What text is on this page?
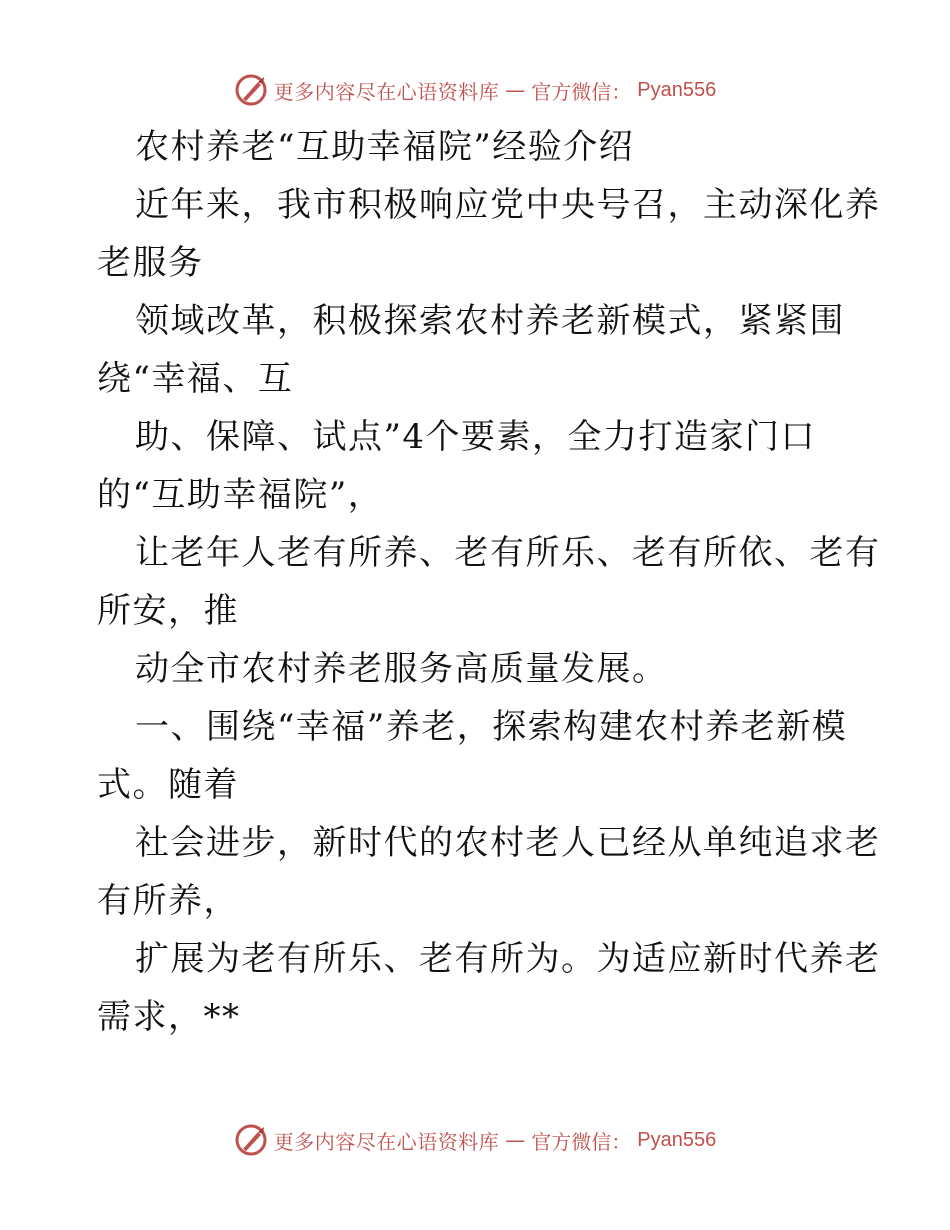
更多内容尽在心语资料库 — 官方微信： Pyan556
农村养老“互助幸福院”经验介绍
近年来，我市积极响应党中央号召，主动深化养
老服务
领域改革，积极探索农村养老新模式，紧紧围
绕“幸福、互
助、保障、试点”4个要素，全力打造家门口
的“互助幸福院”，
让老年人老有所养、老有所乐、老有所依、老有
所安，推
动全市农村养老服务高质量发展。
一、围绕“幸福”养老，探索构建农村养老新模
式。随着
社会进步，新时代的农村老人已经从单纯追求老
有所养，
扩展为老有所乐、老有所为。为适应新时代养老
需求，**
更多内容尽在心语资料库 — 官方微信： Pyan556
